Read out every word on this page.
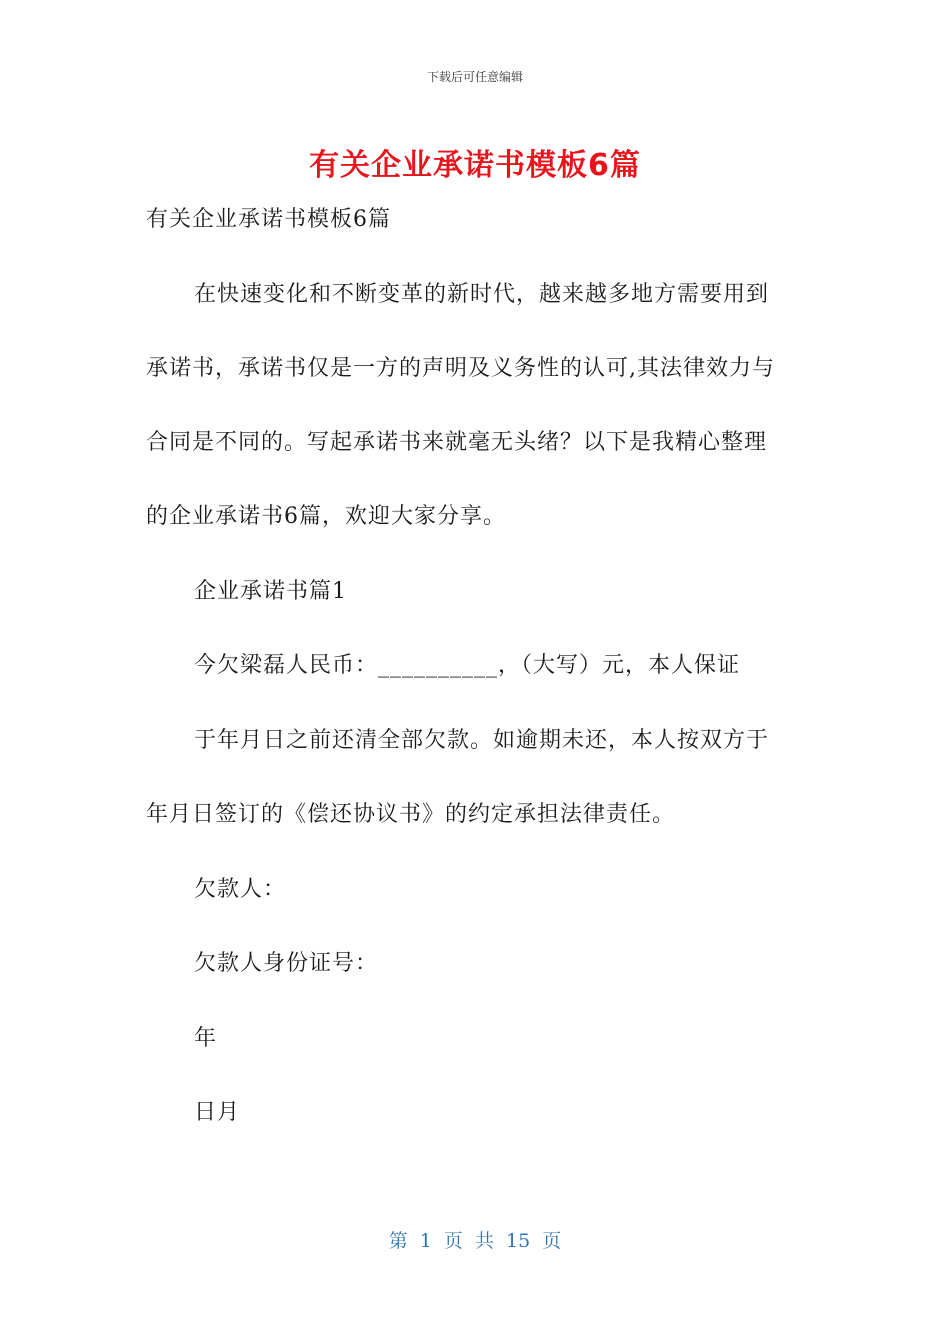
下载后可任意编辑
有关企业承诺书模板6篇
有关企业承诺书模板6篇
在快速变化和不断变革的新时代，越来越多地方需要用到
承诺书，承诺书仅是一方的声明及义务性的认可,其法律效力与
合同是不同的。写起承诺书来就毫无头绪？以下是我精心整理
的企业承诺书6篇，欢迎大家分享。
企业承诺书篇1
今欠梁磊人民币：__________，（大写）元，本人保证
于年月日之前还清全部欠款。如逾期未还，本人按双方于
年月日签订的《偿还协议书》的约定承担法律责任。
欠款人：
欠款人身份证号：
年
日月
第 1 页 共 15 页
